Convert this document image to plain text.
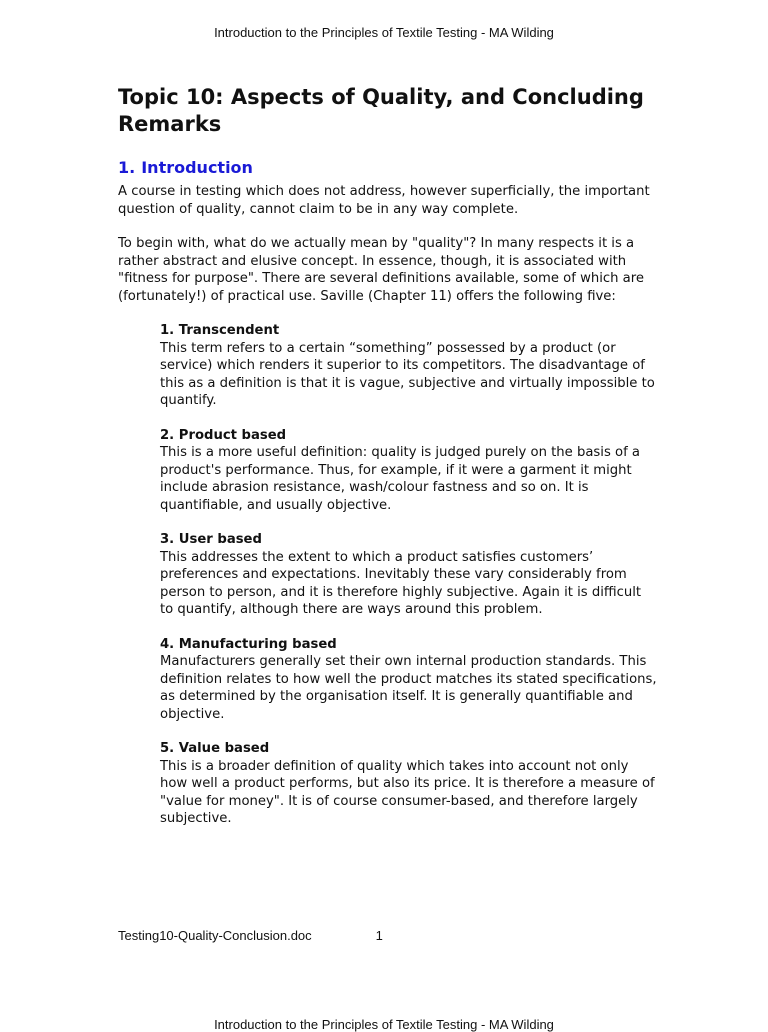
Introduction to the Principles of Textile Testing - MA Wilding
Topic 10: Aspects of Quality, and Concluding Remarks
1. Introduction

A course in testing which does not address, however superficially, the important question of quality, cannot claim to be in any way complete.

To begin with, what do we actually mean by "quality"? In many respects it is a rather abstract and elusive concept. In essence, though, it is associated with "fitness for purpose". There are several definitions available, some of which are (fortunately!) of practical use. Saville (Chapter 11) offers the following five:

1. Transcendent
This term refers to a certain “something” possessed by a product (or service) which renders it superior to its competitors. The disadvantage of this as a definition is that it is vague, subjective and virtually impossible to quantify.
2. Product based
This is a more useful definition: quality is judged purely on the basis of a product's performance. Thus, for example, if it were a garment it might include abrasion resistance, wash/colour fastness and so on. It is quantifiable, and usually objective.
3. User based
This addresses the extent to which a product satisfies customers’ preferences and expectations. Inevitably these vary considerably from person to person, and it is therefore highly subjective. Again it is difficult to quantify, although there are ways around this problem.
4. Manufacturing based
Manufacturers generally set their own internal production standards. This definition relates to how well the product matches its stated specifications, as determined by the organisation itself. It is generally quantifiable and objective.
5. Value based
This is a broader definition of quality which takes into account not only how well a product performs, but also its price. It is therefore a measure of "value for money". It is of course consumer-based, and therefore largely subjective.
Testing10-Quality-Conclusion.doc	1
Introduction to the Principles of Textile Testing - MA Wilding
